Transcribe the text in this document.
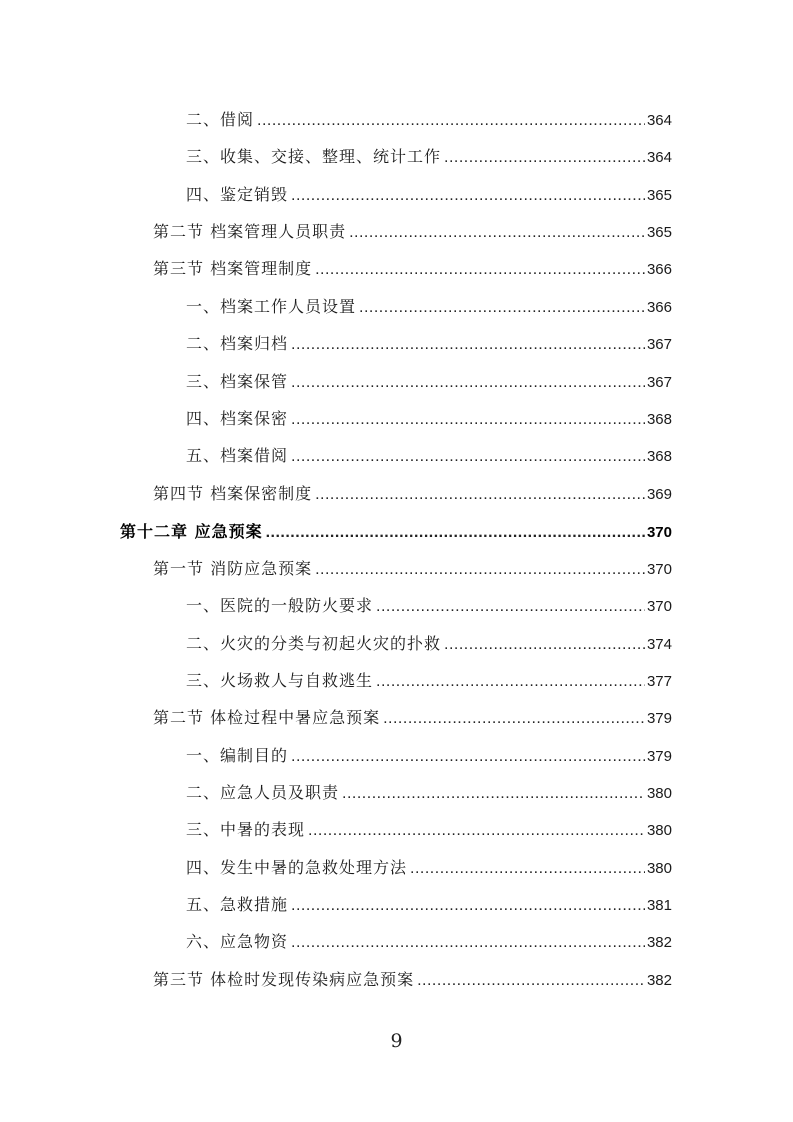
二、借阅 .....	364
三、收集、交接、整理、统计工作 .....	364
四、鉴定销毁 .....	365
第二节 档案管理人员职责 .....	365
第三节 档案管理制度 .....	366
一、档案工作人员设置 .....	366
二、档案归档 .....	367
三、档案保管 .....	367
四、档案保密 .....	368
五、档案借阅 .....	368
第四节 档案保密制度 .....	369
第十二章 应急预案 .....	370
第一节 消防应急预案 .....	370
一、医院的一般防火要求 .....	370
二、火灾的分类与初起火灾的扑救 .....	374
三、火场救人与自救逃生 .....	377
第二节 体检过程中暑应急预案 .....	379
一、编制目的 .....	379
二、应急人员及职责 .....	380
三、中暑的表现 .....	380
四、发生中暑的急救处理方法 .....	380
五、急救措施 .....	381
六、应急物资 .....	382
第三节 体检时发现传染病应急预案 .....	382
9
